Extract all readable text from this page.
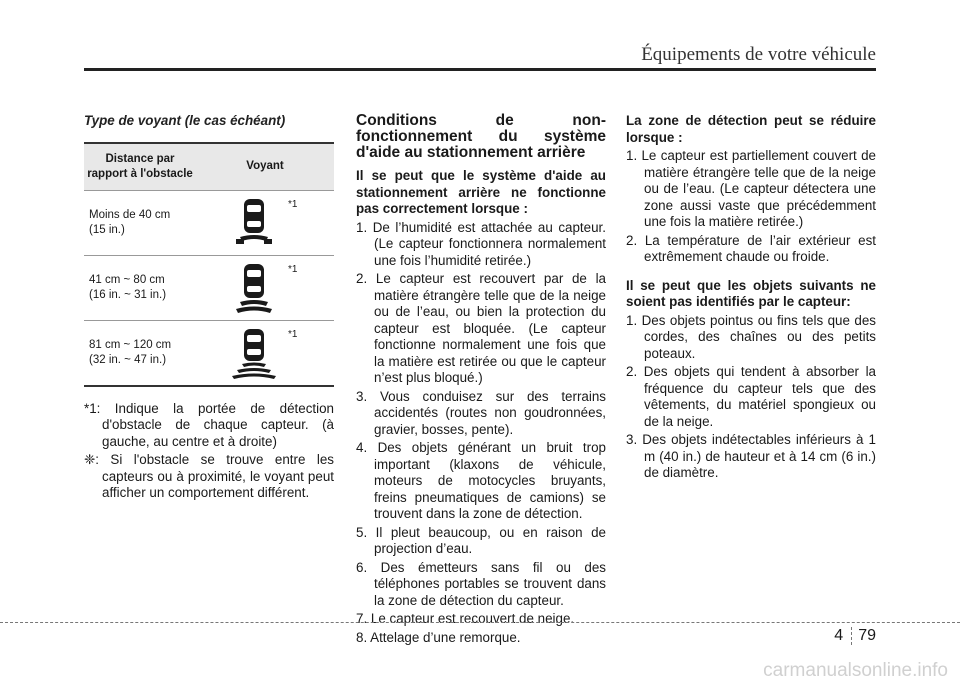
Équipements de votre véhicule
Type de voyant (le cas échéant)
Distance par rapport à l'obstacle	Voyant

Moins de 40 cm
(15 in.)	*1

41 cm ~ 80 cm
(16 in. ~ 31 in.)	*1

81 cm ~ 120 cm
(32 in. ~ 47 in.)	*1

*1: Indique la portée de détection d'obstacle de chaque capteur. (à gauche, au centre et à droite)

❈: Si l'obstacle se trouve entre les capteurs ou à proximité, le voyant peut afficher un comportement différent.

Conditions de non-fonctionnement du système d'aide au stationnement arrière

Il se peut que le système d'aide au stationnement arrière ne fonctionne pas correctement lorsque :

1. De l’humidité est attachée au capteur. (Le capteur fonctionnera normalement une fois l’humidité retirée.)
2. Le capteur est recouvert par de la matière étrangère telle que de la neige ou de l’eau, ou bien la protection du capteur est bloquée. (Le capteur fonctionne normalement une fois que la matière est retirée ou que le capteur n’est plus bloqué.)
3. Vous conduisez sur des terrains accidentés (routes non goudronnées, gravier, bosses, pente).
4. Des objets générant un bruit trop important (klaxons de véhicule, moteurs de motocycles bruyants, freins pneumatiques de camions) se trouvent dans la zone de détection.
5. Il pleut beaucoup, ou en raison de projection d’eau.
6. Des émetteurs sans fil ou des téléphones portables se trouvent dans la zone de détection du capteur.
7. Le capteur est recouvert de neige.
8. Attelage d’une remorque.

La zone de détection peut se réduire lorsque :

1. Le capteur est partiellement couvert de matière étrangère telle que de la neige ou de l’eau. (Le capteur détectera une zone aussi vaste que précédemment une fois la matière retirée.)
2. La température de l’air extérieur est extrêmement chaude ou froide.

Il se peut que les objets suivants ne soient pas identifiés par le capteur:

1. Des objets pointus ou fins tels que des cordes, des chaînes ou des petits poteaux.
2. Des objets qui tendent à absorber la fréquence du capteur tels que des vêtements, du matériel spongieux ou de la neige.
3. Des objets indétectables inférieurs à 1 m (40 in.) de hauteur et à 14 cm (6 in.) de diamètre.
4 79
carmanualsonline.info
